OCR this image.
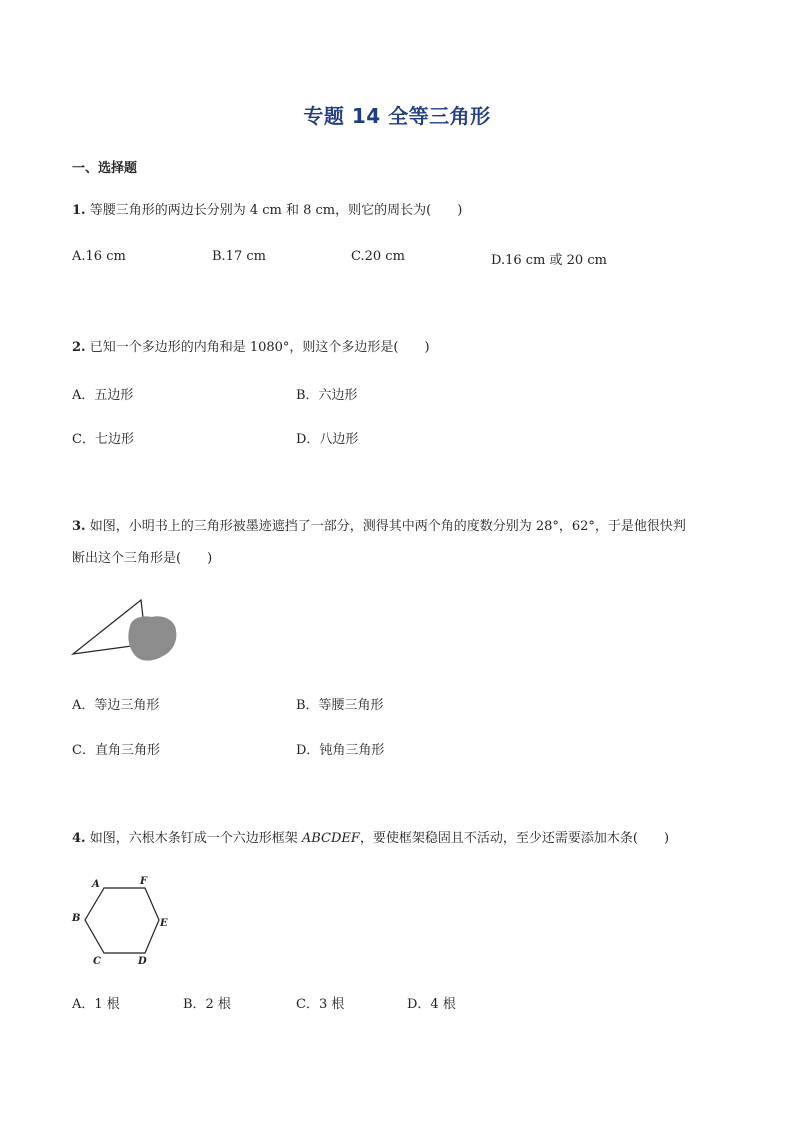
专题 14 全等三角形
一、选择题
1. 等腰三角形的两边长分别为 4 cm 和 8 cm，则它的周长为(　　)
A.16 cm	B.17 cm	C.20 cm	D.16 cm 或 20 cm
2. 已知一个多边形的内角和是 1080°，则这个多边形是(　　)
A．五边形	B．六边形
C．七边形	D．八边形
3. 如图，小明书上的三角形被墨迹遮挡了一部分，测得其中两个角的度数分别为 28°，62°，于是他很快判
断出这个三角形是(　　)
A．等边三角形	B．等腰三角形
C．直角三角形	D．钝角三角形
4. 如图，六根木条钉成一个六边形框架 ABCDEF，要使框架稳固且不活动，至少还需要添加木条(　　)
A	F
B	E
C	D
A．1 根	B．2 根	C．3 根	D．4 根
